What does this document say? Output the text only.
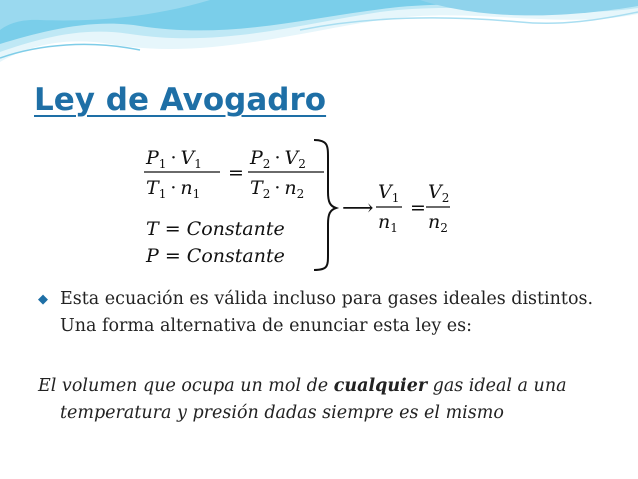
Ley de Avogadro
$P_1 \cdot V_1$
$T_1 \cdot n_1$
=
$P_2 \cdot V_2$
$T_2 \cdot n_2$
T = Constante
P = Constante
⟶
$V_1$
$n_1$
=
$V_2$
$n_2$
◆ Esta ecuación es válida incluso para gases ideales distintos. Una forma alternativa de enunciar esta ley es:
El volumen que ocupa un mol de cualquier gas ideal a una temperatura y presión dadas siempre es el mismo
